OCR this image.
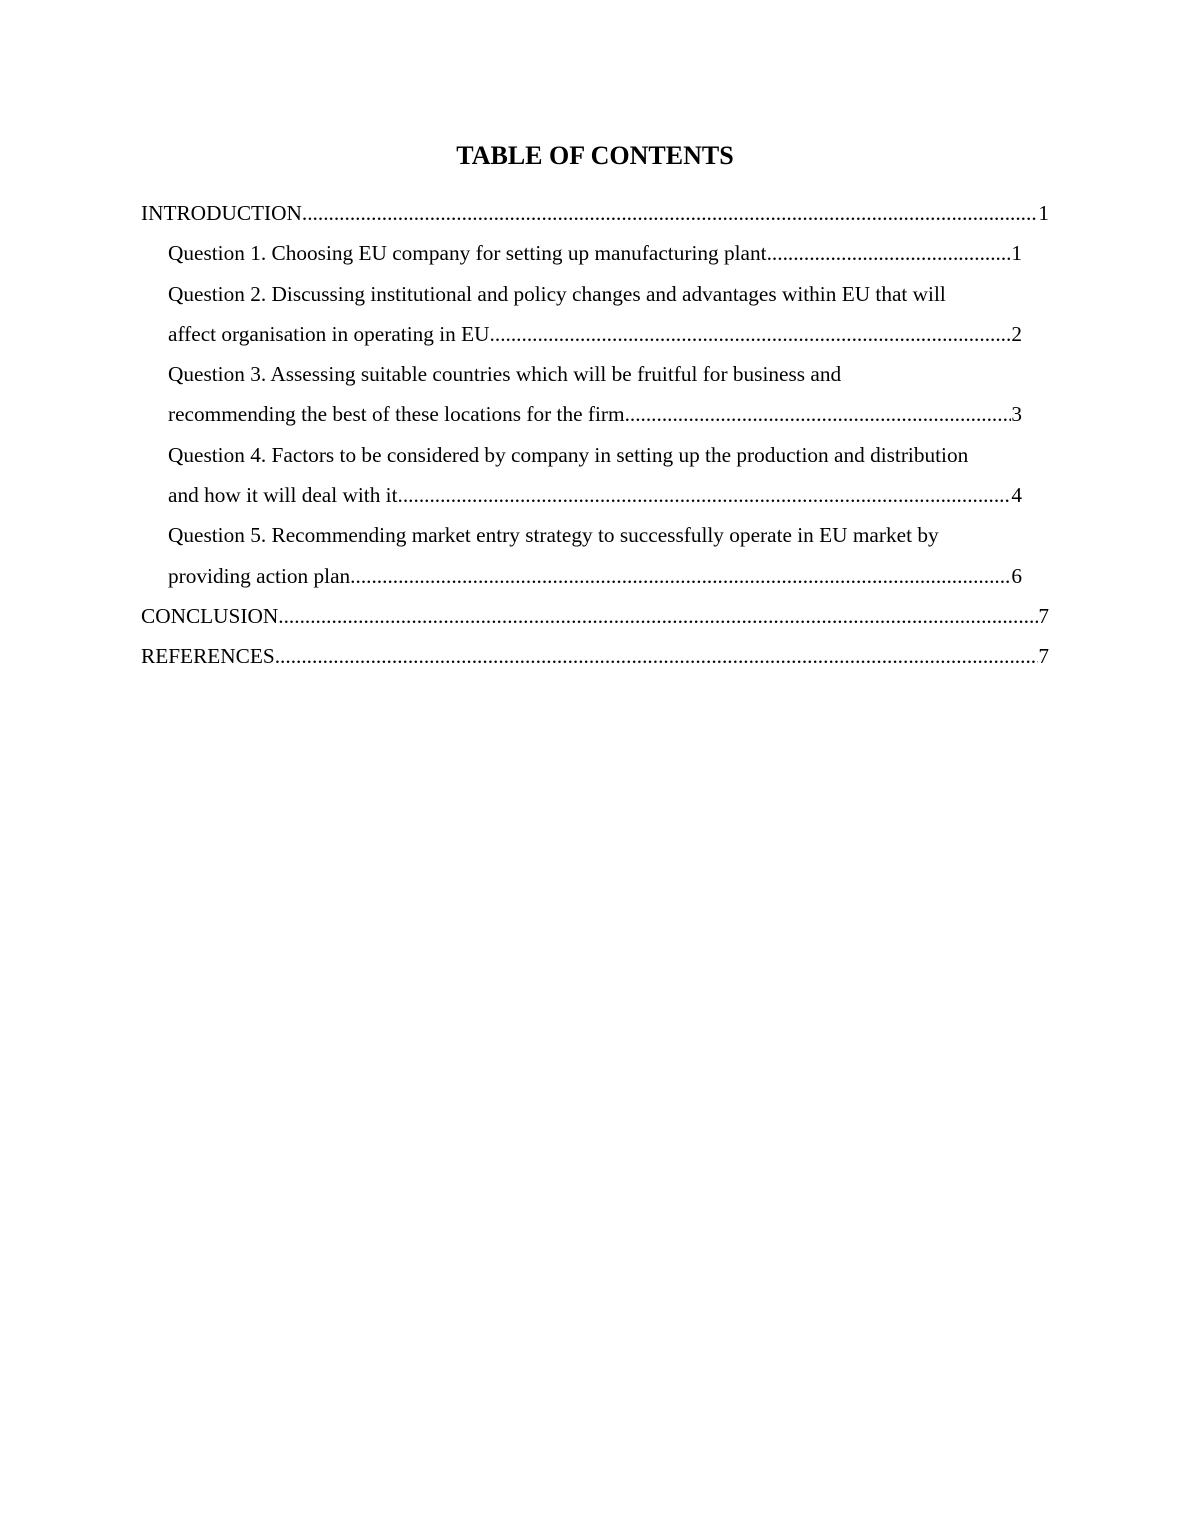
TABLE OF CONTENTS
INTRODUCTION .....	1
Question 1. Choosing EU company for setting up manufacturing plant .....	1
Question 2. Discussing institutional and policy changes and advantages within EU that will
affect organisation in operating in EU .....	2
Question 3. Assessing suitable countries which will be fruitful for business and
recommending the best of these locations for the firm .....	3
Question 4. Factors to be considered by company in setting up the production and distribution
and how it will deal with it .....	4
Question 5. Recommending market entry strategy to successfully operate in EU market by
providing action plan .....	6
CONCLUSION .....	7
REFERENCES .....	7
